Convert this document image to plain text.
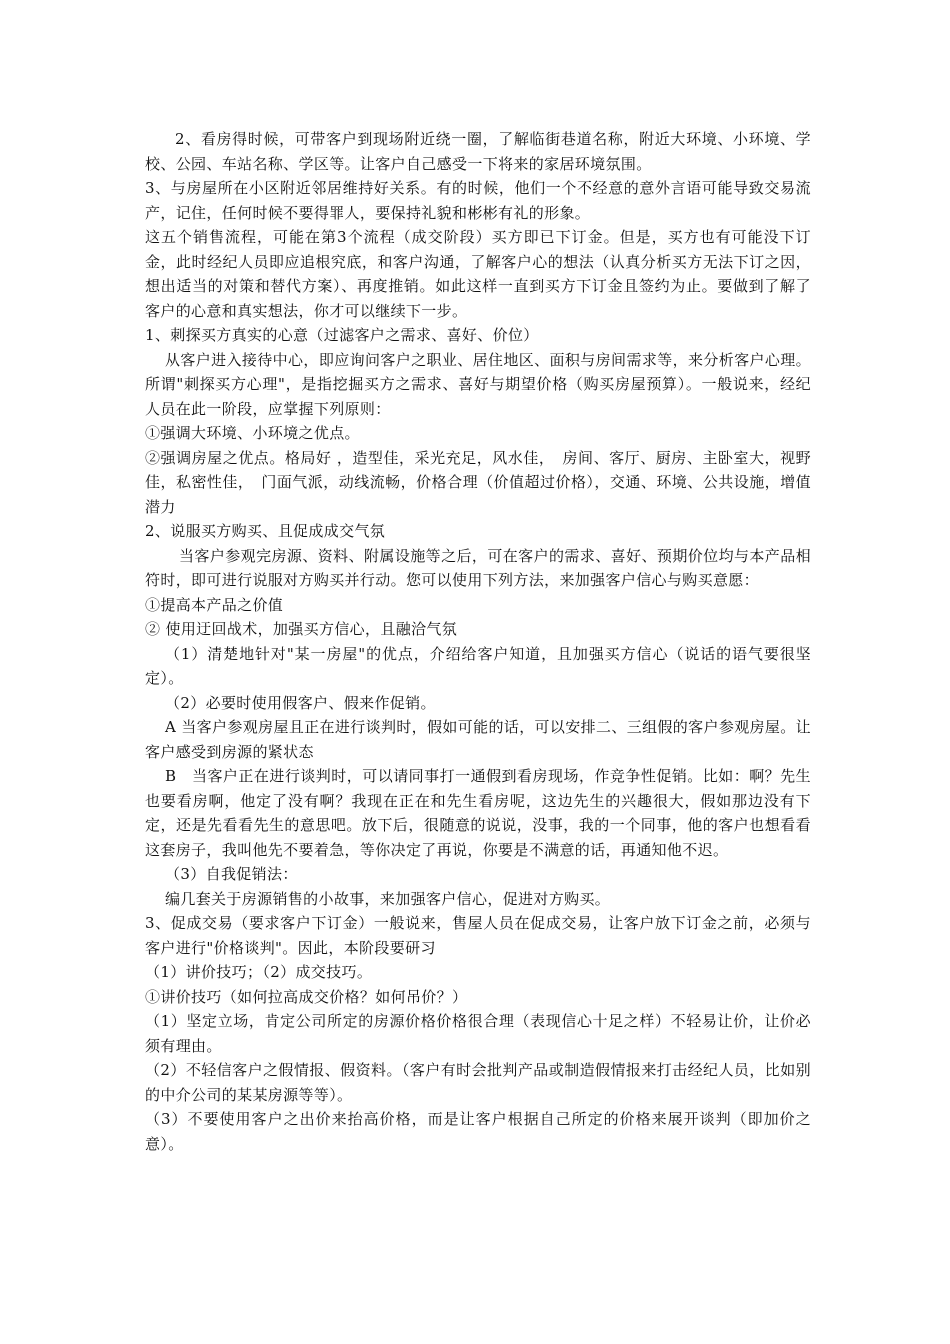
2、看房得时候，可带客户到现场附近绕一圈，了解临街巷道名称，附近大环境、小环境、学校、公园、车站名称、学区等。让客户自己感受一下将来的家居环境氛围。

3、与房屋所在小区附近邻居维持好关系。有的时候，他们一个不经意的意外言语可能导致交易流产，记住，任何时候不要得罪人，要保持礼貌和彬彬有礼的形象。

这五个销售流程，可能在第3个流程（成交阶段）买方即已下订金。但是，买方也有可能没下订金，此时经纪人员即应追根究底，和客户沟通，了解客户心的想法（认真分析买方无法下订之因，想出适当的对策和替代方案）、再度推销。如此这样一直到买方下订金且签约为止。要做到了解了客户的心意和真实想法，你才可以继续下一步。

1、刺探买方真实的心意（过滤客户之需求、喜好、价位）

从客户进入接待中心，即应询问客户之职业、居住地区、面积与房间需求等，来分析客户心理。所谓"刺探买方心理"，是指挖掘买方之需求、喜好与期望价格（购买房屋预算）。一般说来，经纪人员在此一阶段，应掌握下列原则：

①强调大环境、小环境之优点。

②强调房屋之优点。格局好 ，造型佳，采光充足，风水佳，　房间、客厅、厨房、主卧室大，视野佳，私密性佳，　门面气派，动线流畅，价格合理（价值超过价格），交通、环境、公共设施，增值潜力

2、说服买方购买、且促成成交气氛

当客户参观完房源、资料、附属设施等之后，可在客户的需求、喜好、预期价位均与本产品相符时，即可进行说服对方购买并行动。您可以使用下列方法，来加强客户信心与购买意愿：

①提高本产品之价值

② 使用迂回战术，加强买方信心，且融洽气氛

（1）清楚地针对"某一房屋"的优点，介绍给客户知道，且加强买方信心（说话的语气要很坚定）。

（2）必要时使用假客户、假来作促销。

A 当客户参观房屋且正在进行谈判时，假如可能的话，可以安排二、三组假的客户参观房屋。让客户感受到房源的紧状态

B　当客户正在进行谈判时，可以请同事打一通假到看房现场，作竞争性促销。比如：啊？先生也要看房啊，他定了没有啊？我现在正在和先生看房呢，这边先生的兴趣很大，假如那边没有下定，还是先看看先生的意思吧。放下后，很随意的说说，没事，我的一个同事，他的客户也想看看这套房子，我叫他先不要着急，等你决定了再说，你要是不满意的话，再通知他不迟。

（3）自我促销法：

编几套关于房源销售的小故事，来加强客户信心，促进对方购买。

3、促成交易（要求客户下订金）一般说来，售屋人员在促成交易，让客户放下订金之前，必须与客户进行"价格谈判"。因此，本阶段要研习

（1）讲价技巧；（2）成交技巧。

①讲价技巧（如何拉高成交价格？如何吊价？）

（1）坚定立场，肯定公司所定的房源价格价格很合理（表现信心十足之样）不轻易让价，让价必须有理由。

（2）不轻信客户之假情报、假资料。（客户有时会批判产品或制造假情报来打击经纪人员，比如别的中介公司的某某房源等等）。

（3）不要使用客户之出价来抬高价格，而是让客户根据自己所定的价格来展开谈判（即加价之意）。
